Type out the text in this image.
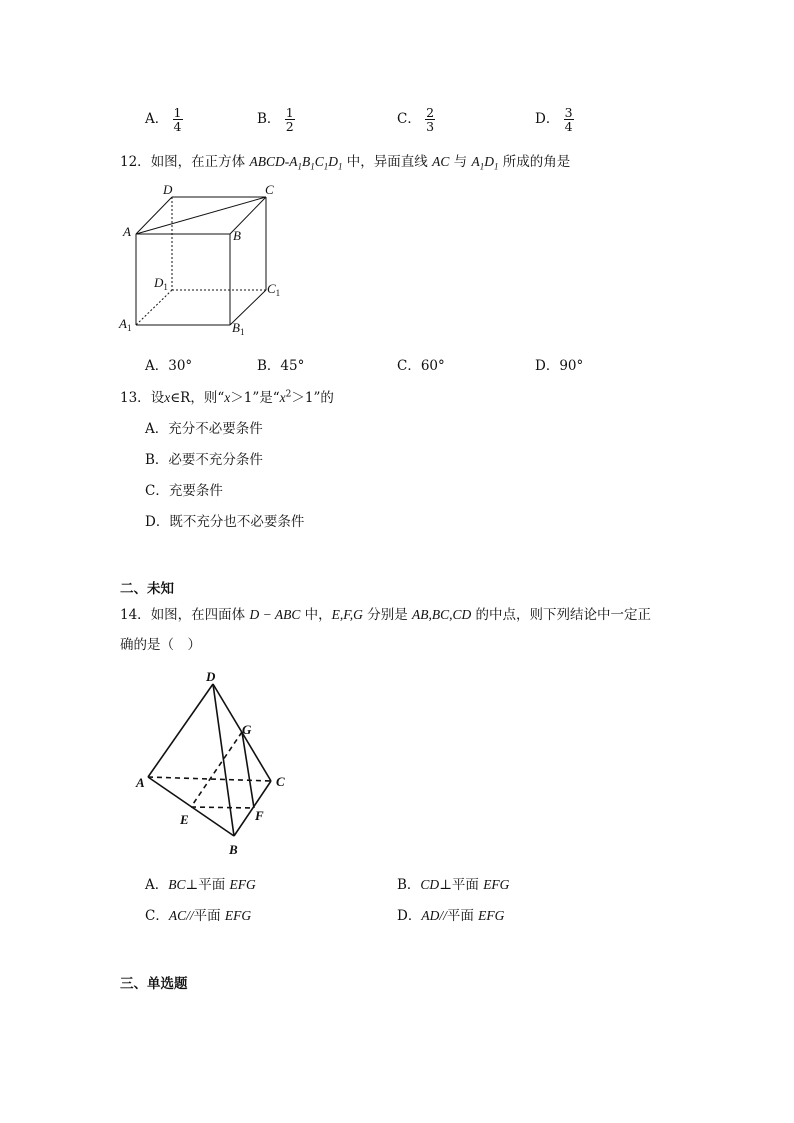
A． $\frac{1}{4}$	B． $\frac{1}{2}$	C． $\frac{2}{3}$	D． $\frac{3}{4}$
12．如图，在正方体 ABCD-$A_1B_1C_1D_1$ 中，异面直线 AC 与 $A_1D_1$ 所成的角是
D	C
A	B
$D_1$	$C_1$
$A_1$	$B_1$
A．30°	B．45°	C．60°	D．90°
13．设x∈R，则“x＞1”是“$x^2>1$”的
A．充分不必要条件
B．必要不充分条件
C．充要条件
D．既不充分也不必要条件
二、未知
14．如图，在四面体 D − ABC 中，E,F,G 分别是 AB,BC,CD 的中点，则下列结论中一定正
确的是（　）
D
A	C
G
E	F
B
A．BC⊥平面 EFG	B．CD⊥平面 EFG
C．AC//平面 EFG	D．AD//平面 EFG
三、单选题
